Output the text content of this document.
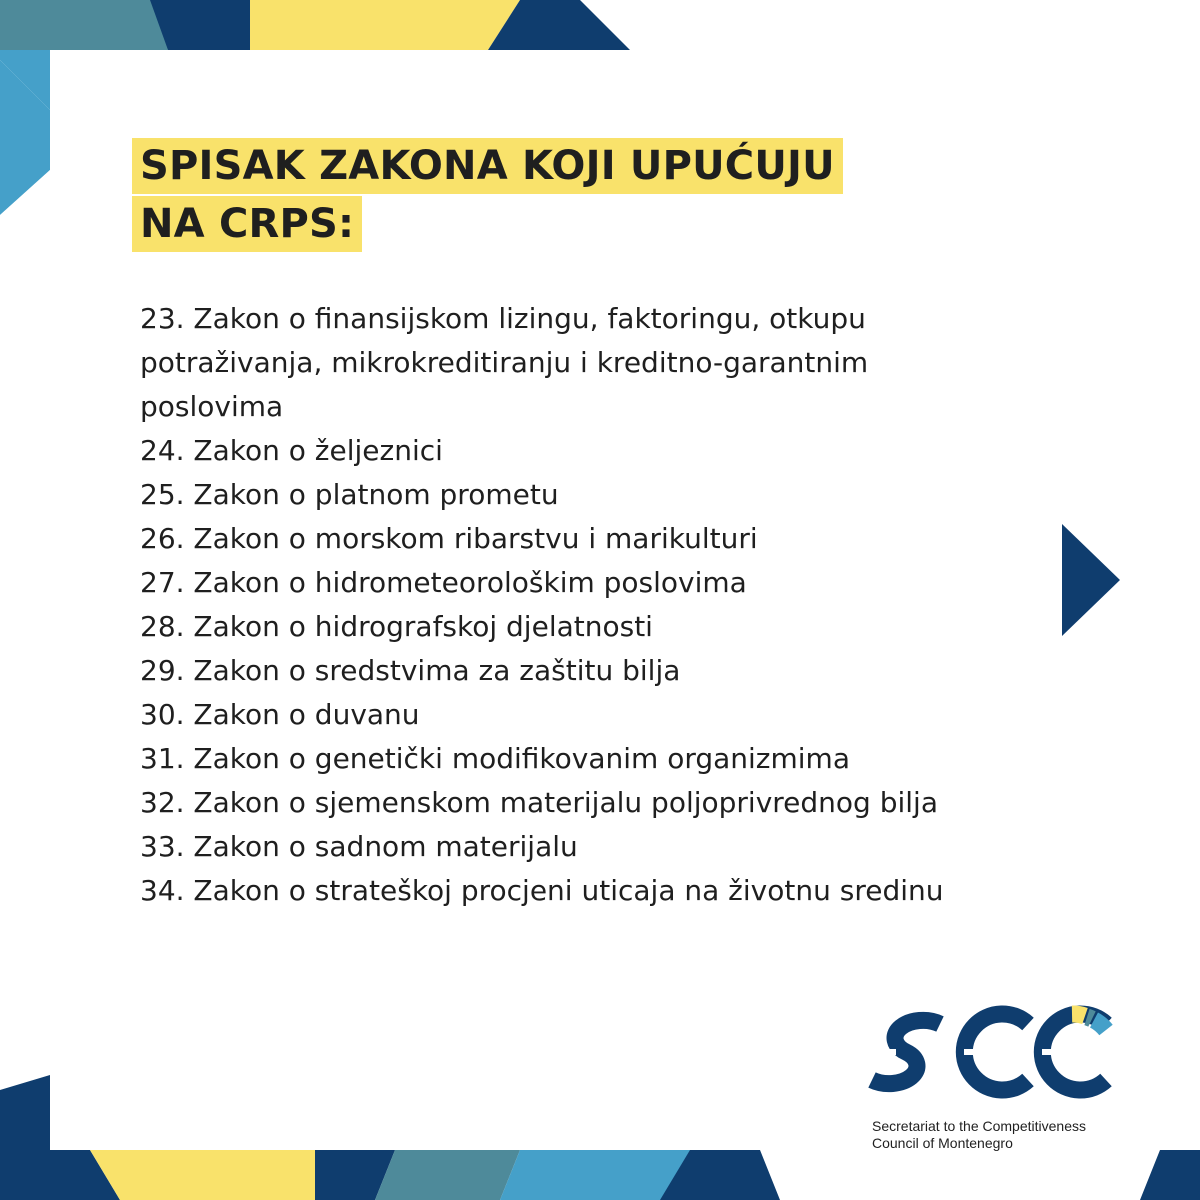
SPISAK ZAKONA KOJI UPUĆUJU
NA CRPS:
23. Zakon o finansijskom lizingu, faktoringu, otkupu
potraživanja, mikrokreditiranju i kreditno-garantnim
poslovima
24. Zakon o željeznici
25. Zakon o platnom prometu
26. Zakon o morskom ribarstvu i marikulturi
27. Zakon o hidrometeorološkim poslovima
28. Zakon o hidrografskoj djelatnosti
29. Zakon o sredstvima za zaštitu bilja
30. Zakon o duvanu
31. Zakon o genetički modifikovanim organizmima
32. Zakon o sjemenskom materijalu poljoprivrednog bilja
33. Zakon o sadnom materijalu
34. Zakon o strateškoj procjeni uticaja na životnu sredinu
Secretariat to the Competitiveness
Council of Montenegro
